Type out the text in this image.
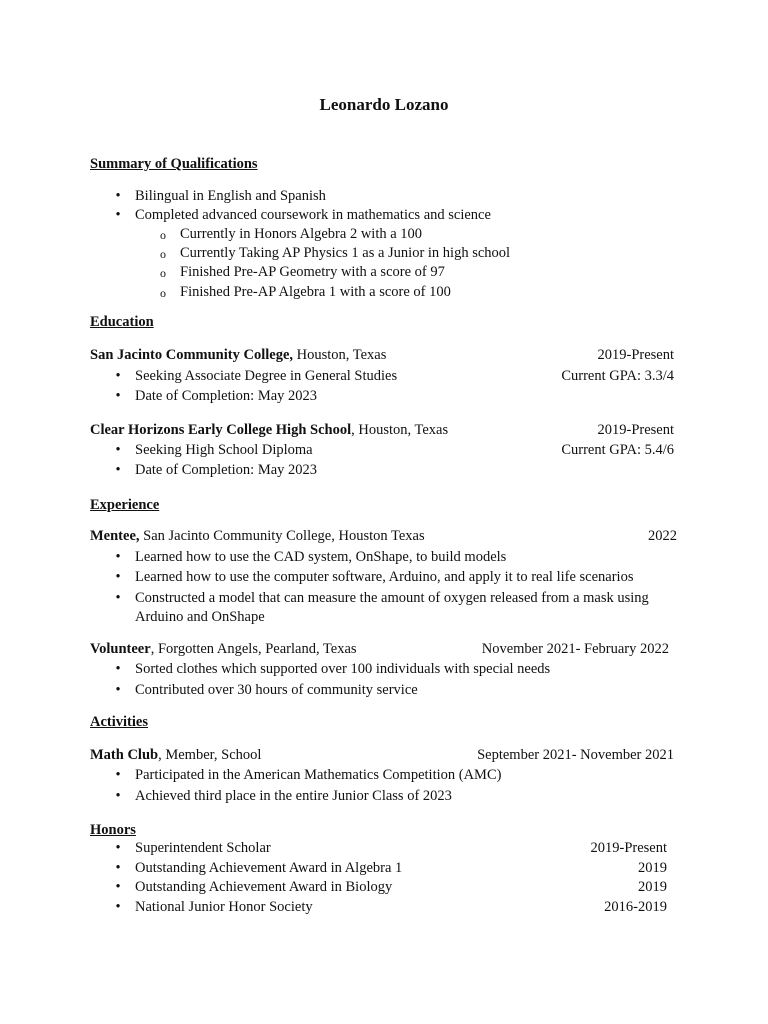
Leonardo Lozano
Summary of Qualifications
• Bilingual in English and Spanish
• Completed advanced coursework in mathematics and science
o Currently in Honors Algebra 2 with a 100
o Currently Taking AP Physics 1 as a Junior in high school
o Finished Pre-AP Geometry with a score of 97
o Finished Pre-AP Algebra 1 with a score of 100
Education
San Jacinto Community College, Houston, Texas	2019-Present
• Seeking Associate Degree in General Studies	Current GPA: 3.3/4
• Date of Completion: May 2023
Clear Horizons Early College High School, Houston, Texas	2019-Present
• Seeking High School Diploma	Current GPA: 5.4/6
• Date of Completion: May 2023
Experience
Mentee, San Jacinto Community College, Houston Texas	2022
• Learned how to use the CAD system, OnShape, to build models
• Learned how to use the computer software, Arduino, and apply it to real life scenarios
• Constructed a model that can measure the amount of oxygen released from a mask using
Arduino and OnShape
Volunteer, Forgotten Angels, Pearland, Texas	November 2021- February 2022
• Sorted clothes which supported over 100 individuals with special needs
• Contributed over 30 hours of community service
Activities
Math Club, Member, School	September 2021- November 2021
• Participated in the American Mathematics Competition (AMC)
• Achieved third place in the entire Junior Class of 2023
Honors
• Superintendent Scholar	2019-Present
• Outstanding Achievement Award in Algebra 1	2019
• Outstanding Achievement Award in Biology	2019
• National Junior Honor Society	2016-2019
